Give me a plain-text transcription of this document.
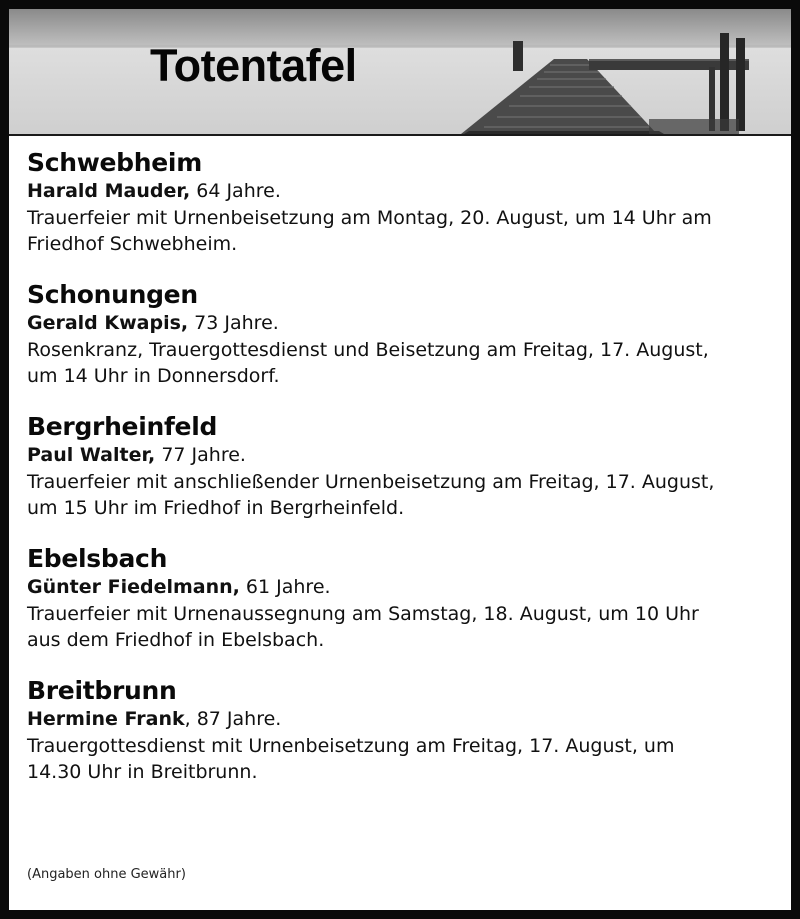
Totentafel

Schwebheim

Harald Mauder, 64 Jahre.

Trauerfeier mit Urnenbeisetzung am Montag, 20. August, um 14 Uhr am

Friedhof Schwebheim.

Schonungen

Gerald Kwapis, 73 Jahre.

Rosenkranz, Trauergottesdienst und Beisetzung am Freitag, 17. August,

um 14 Uhr in Donnersdorf.

Bergrheinfeld

Paul Walter, 77 Jahre.

Trauerfeier mit anschließender Urnenbeisetzung am Freitag, 17. August,

um 15 Uhr im Friedhof in Bergrheinfeld.

Ebelsbach

Günter Fiedelmann, 61 Jahre.

Trauerfeier mit Urnenaussegnung am Samstag, 18. August, um 10 Uhr

aus dem Friedhof in Ebelsbach.

Breitbrunn

Hermine Frank, 87 Jahre.

Trauergottesdienst mit Urnenbeisetzung am Freitag, 17. August, um

14.30 Uhr in Breitbrunn.

(Angaben ohne Gewähr)
